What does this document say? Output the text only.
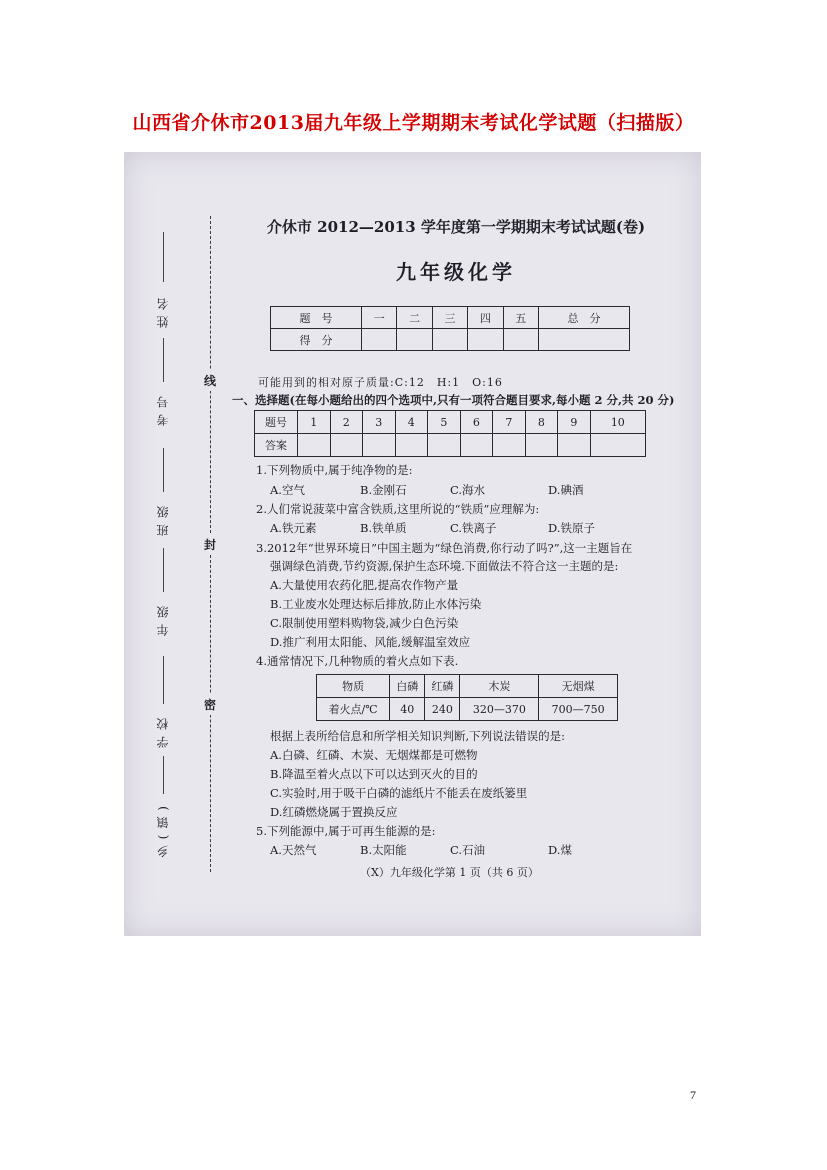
山西省介休市2013届九年级上学期期末考试化学试题（扫描版）
线
封
密
姓名
考号
班级
年级
学校
乡(镇)
介休市 2012—2013 学年度第一学期期末考试试题(卷)
九年级化学
题　号	一	二	三	四	五	总　分
得　分						
可能用到的相对原子质量:C:12　H:1　O:16
一、选择题(在每小题给出的四个选项中,只有一项符合题目要求,每小题 2 分,共 20 分)
题号	1	2	3	4	5	6	7	8	9	10
答案										
1.下列物质中,属于纯净物的是:
A.空气	B.金刚石	C.海水	D.碘酒
2.人们常说菠菜中富含铁质,这里所说的“铁质”应理解为:
A.铁元素	B.铁单质	C.铁离子	D.铁原子
3.2012年“世界环境日”中国主题为“绿色消费,你行动了吗?”,这一主题旨在
强调绿色消费,节约资源,保护生态环境.下面做法不符合这一主题的是:
A.大量使用农药化肥,提高农作物产量
B.工业废水处理达标后排放,防止水体污染
C.限制使用塑料购物袋,减少白色污染
D.推广利用太阳能、风能,缓解温室效应
4.通常情况下,几种物质的着火点如下表.
物质	白磷	红磷	木炭	无烟煤
着火点/℃	40	240	320—370	700—750
根据上表所给信息和所学相关知识判断,下列说法错误的是:
A.白磷、红磷、木炭、无烟煤都是可燃物
B.降温至着火点以下可以达到灭火的目的
C.实验时,用于吸干白磷的滤纸片不能丢在废纸篓里
D.红磷燃烧属于置换反应
5.下列能源中,属于可再生能源的是:
A.天然气	B.太阳能	C.石油	D.煤
（X）九年级化学第 1 页（共 6 页）
7
